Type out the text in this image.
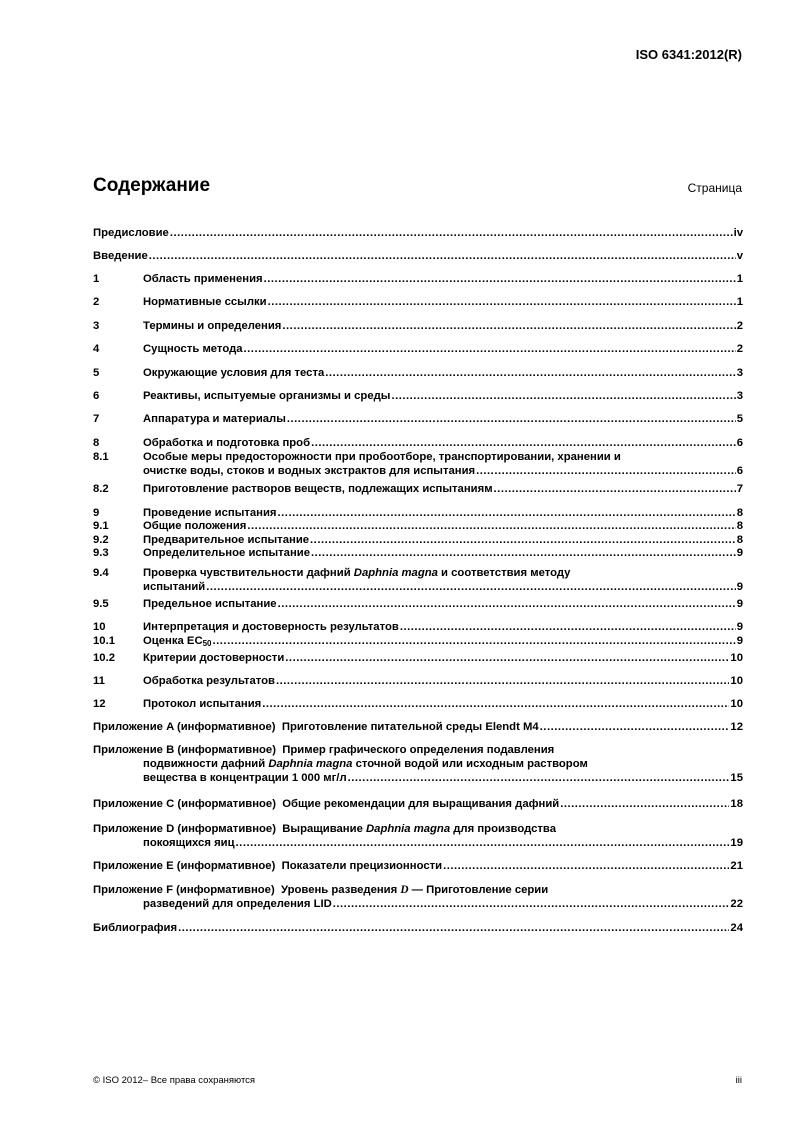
ISO 6341:2012(R)
Содержание	Страница
Предисловие .....	iv
Введение .....	v
1	Область применения .....	1
2	Нормативные ссылки .....	1
3	Термины и определения .....	2
4	Сущность метода .....	2
5	Окружающие условия для теста .....	3
6	Реактивы, испытуемые организмы и среды .....	3
7	Аппаратура и материалы .....	5
8	Обработка и подготовка проб .....	6
8.1	Особые меры предосторожности при пробоотборе, транспортировании, хранении и
очистке воды, стоков и водных экстрактов для испытания .....	6
8.2	Приготовление растворов веществ, подлежащих испытаниям .....	7
9	Проведение испытания .....	8
9.1	Общие положения .....	8
9.2	Предварительное испытание .....	8
9.3	Определительное испытание .....	9
9.4	Проверка чувствительности дафний Daphnia magna и соответствия методу
испытаний .....	9
9.5	Предельное испытание .....	9
10	Интерпретация и достоверность результатов .....	9
10.1 Оценка $EC_{50}$ .....	9
10.2 Критерии достоверности .....	10
11	Обработка результатов .....	10
12	Протокол испытания .....	10
Приложение A (информативное) Приготовление питательной среды Elendt M4 .....	12
Приложение B (информативное) Пример графического определения подавления
подвижности дафний Daphnia magna сточной водой или исходным раствором
вещества в концентрации 1 000 мг/л .....	15
Приложение C (информативное) Общие рекомендации для выращивания дафний .....	18
Приложение D (информативное) Выращивание Daphnia magna для производства
покоящихся яиц .....	19
Приложение E (информативное) Показатели прецизионности .....	21
Приложение F (информативное) Уровень разведения D — Приготовление серии
разведений для определения LID .....	22
Библиография .....	24
© ISO 2012– Все права сохраняются	iii
